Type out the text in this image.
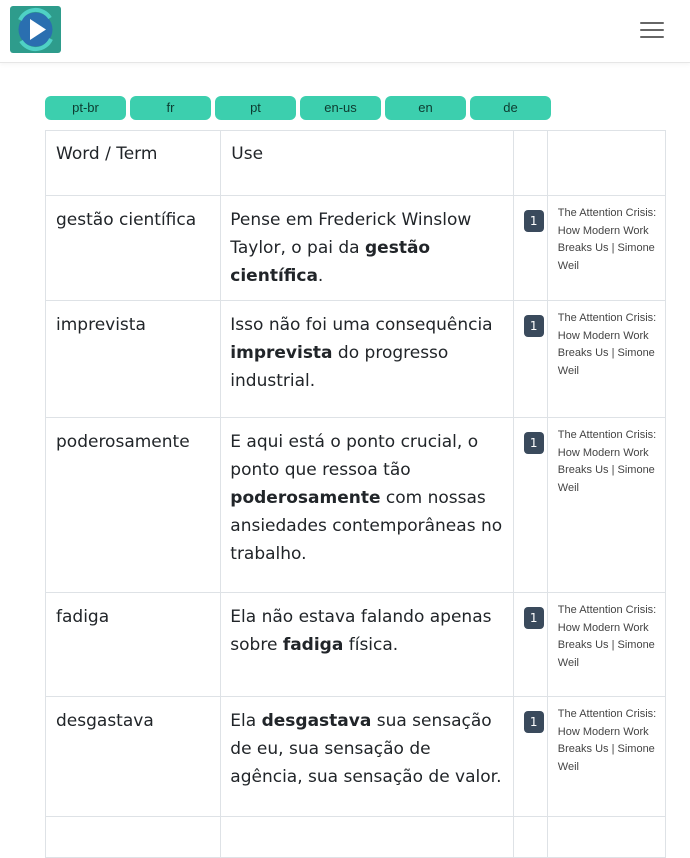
pt-br	fr	pt	en-us	en	de
Word / Term	Use		
gestão científica	Pense em Frederick Winslow Taylor, o pai da gestão científica.	1	The Attention Crisis: How Modern Work Breaks Us | Simone Weil
imprevista	Isso não foi uma consequência imprevista do progresso industrial.	1	The Attention Crisis: How Modern Work Breaks Us | Simone Weil
poderosamente	E aqui está o ponto crucial, o ponto que ressoa tão poderosamente com nossas ansiedades contemporâneas no trabalho.	1	The Attention Crisis: How Modern Work Breaks Us | Simone Weil
fadiga	Ela não estava falando apenas sobre fadiga física.	1	The Attention Crisis: How Modern Work Breaks Us | Simone Weil
desgastava	Ela desgastava sua sensação de eu, sua sensação de agência, sua sensação de valor.	1	The Attention Crisis: How Modern Work Breaks Us | Simone Weil
